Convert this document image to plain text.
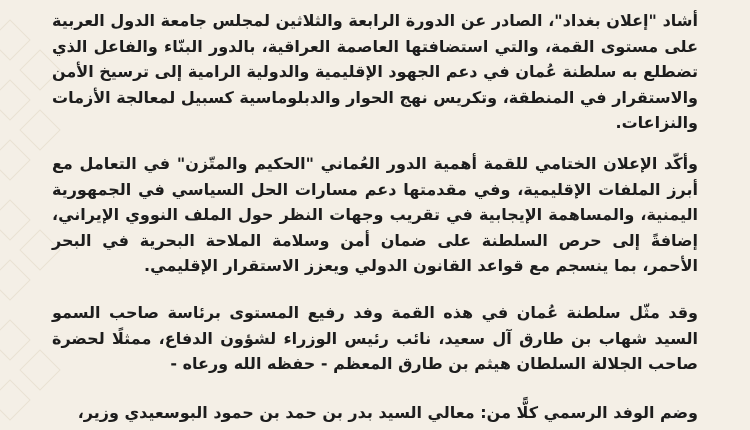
أشاد "إعلان بغداد"، الصادر عن الدورة الرابعة والثلاثين لمجلس جامعة الدول العربية على مستوى القمة، والتي استضافتها العاصمة العراقية، بالدور البنّاء والفاعل الذي تضطلع به سلطنة عُمان في دعم الجهود الإقليمية والدولية الرامية إلى ترسيخ الأمن والاستقرار في المنطقة، وتكريس نهج الحوار والدبلوماسية كسبيل لمعالجة الأزمات والنزاعات.

وأكّد الإعلان الختامي للقمة أهمية الدور العُماني "الحكيم والمتّزن" في التعامل مع أبرز الملفات الإقليمية، وفي مقدمتها دعم مسارات الحل السياسي في الجمهورية اليمنية، والمساهمة الإيجابية في تقريب وجهات النظر حول الملف النووي الإيراني، إضافةً إلى حرص السلطنة على ضمان أمن وسلامة الملاحة البحرية في البحر الأحمر، بما ينسجم مع قواعد القانون الدولي ويعزز الاستقرار الإقليمي.

وقد مثّل سلطنة عُمان في هذه القمة وفد رفيع المستوى برئاسة صاحب السمو السيد شهاب بن طارق آل سعيد، نائب رئيس الوزراء لشؤون الدفاع، ممثلًا لحضرة صاحب الجلالة السلطان هيثم بن طارق المعظم - حفظه الله ورعاه -

وضم الوفد الرسمي كلًّا من: معالي السيد بدر بن حمد بن حمود البوسعيدي وزير،
